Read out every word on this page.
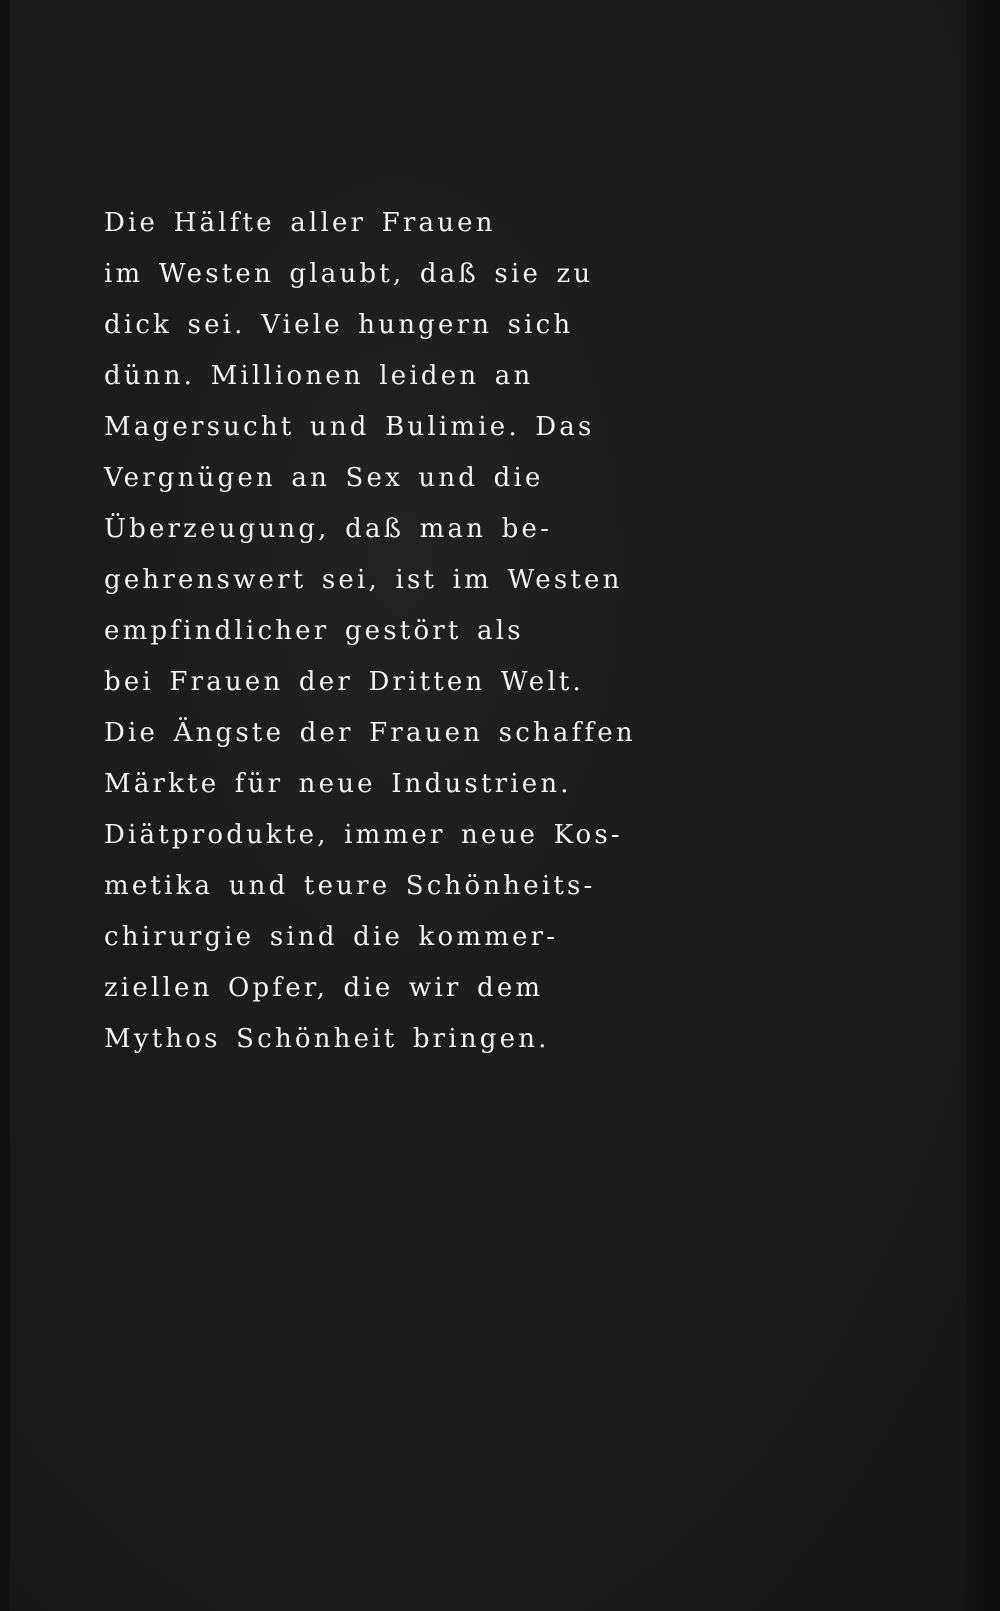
Die Hälfte aller Frauen
im Westen glaubt, daß sie zu
dick sei. Viele hungern sich
dünn. Millionen leiden an
Magersucht und Bulimie. Das
Vergnügen an Sex und die
Überzeugung, daß man be-
gehrenswert sei, ist im Westen
empfindlicher gestört als
bei Frauen der Dritten Welt.
Die Ängste der Frauen schaffen
Märkte für neue Industrien.
Diätprodukte, immer neue Kos-
metika und teure Schönheits-
chirurgie sind die kommer-
ziellen Opfer, die wir dem
Mythos Schönheit bringen.
